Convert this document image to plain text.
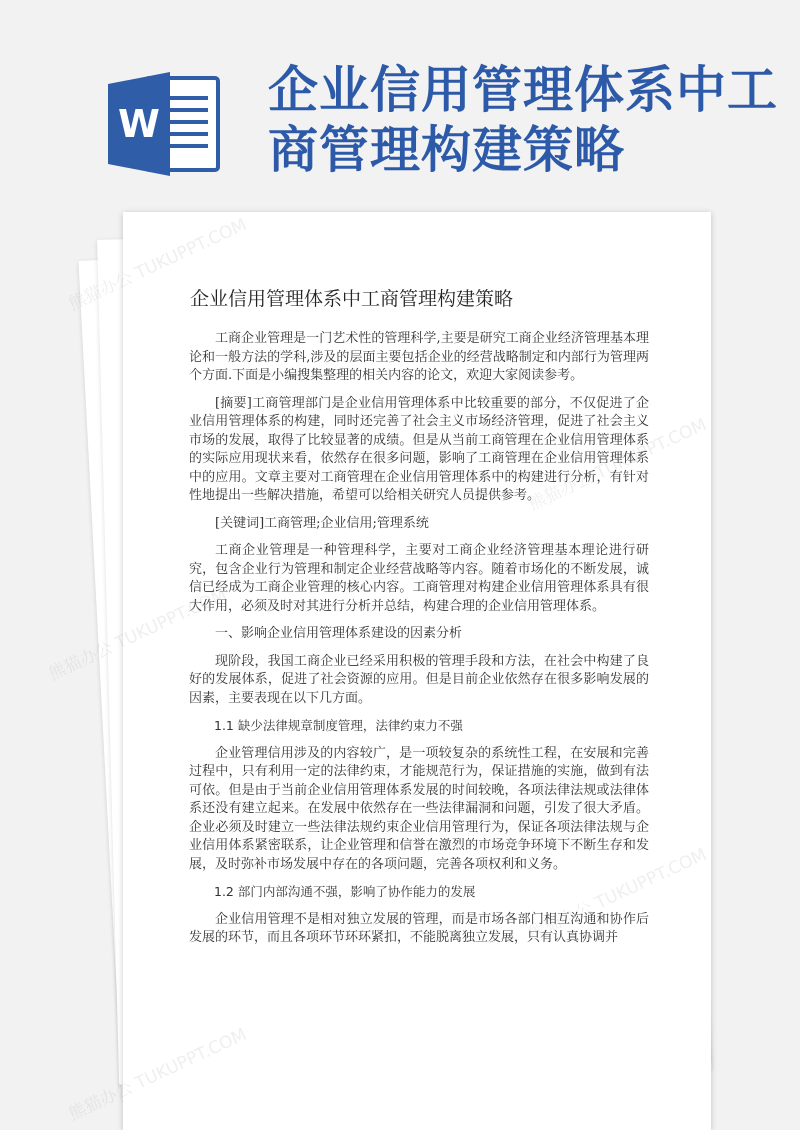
W
企业信用管理体系中工商管理构建策略
企业信用管理体系中工商管理构建策略

工商企业管理是一门艺术性的管理科学,主要是研究工商企业经济管理基本理论和一般方法的学科,涉及的层面主要包括企业的经营战略制定和内部行为管理两个方面.下面是小编搜集整理的相关内容的论文，欢迎大家阅读参考。

[摘要]工商管理部门是企业信用管理体系中比较重要的部分，不仅促进了企业信用管理体系的构建，同时还完善了社会主义市场经济管理，促进了社会主义市场的发展，取得了比较显著的成绩。但是从当前工商管理在企业信用管理体系的实际应用现状来看，依然存在很多问题，影响了工商管理在企业信用管理体系中的应用。文章主要对工商管理在企业信用管理体系中的构建进行分析，有针对性地提出一些解决措施，希望可以给相关研究人员提供参考。

[关键词]工商管理;企业信用;管理系统

工商企业管理是一种管理科学，主要对工商企业经济管理基本理论进行研究，包含企业行为管理和制定企业经营战略等内容。随着市场化的不断发展，诚信已经成为工商企业管理的核心内容。工商管理对构建企业信用管理体系具有很大作用，必须及时对其进行分析并总结，构建合理的企业信用管理体系。

一、影响企业信用管理体系建设的因素分析

现阶段，我国工商企业已经采用积极的管理手段和方法，在社会中构建了良好的发展体系，促进了社会资源的应用。但是目前企业依然存在很多影响发展的因素，主要表现在以下几方面。

1.1 缺少法律规章制度管理，法律约束力不强

企业管理信用涉及的内容较广，是一项较复杂的系统性工程，在安展和完善过程中，只有利用一定的法律约束，才能规范行为，保证措施的实施，做到有法可依。但是由于当前企业信用管理体系发展的时间较晚，各项法律法规或法律体系还没有建立起来。在发展中依然存在一些法律漏洞和问题，引发了很大矛盾。企业必须及时建立一些法律法规约束企业信用管理行为，保证各项法律法规与企业信用体系紧密联系，让企业管理和信誉在激烈的市场竞争环境下不断生存和发展，及时弥补市场发展中存在的各项问题，完善各项权利和义务。

1.2 部门内部沟通不强，影响了协作能力的发展

企业信用管理不是相对独立发展的管理，而是市场各部门相互沟通和协作后发展的环节，而且各项环节环环紧扣，不能脱离独立发展，只有认真协调并

熊猫办公
熊猫办公
